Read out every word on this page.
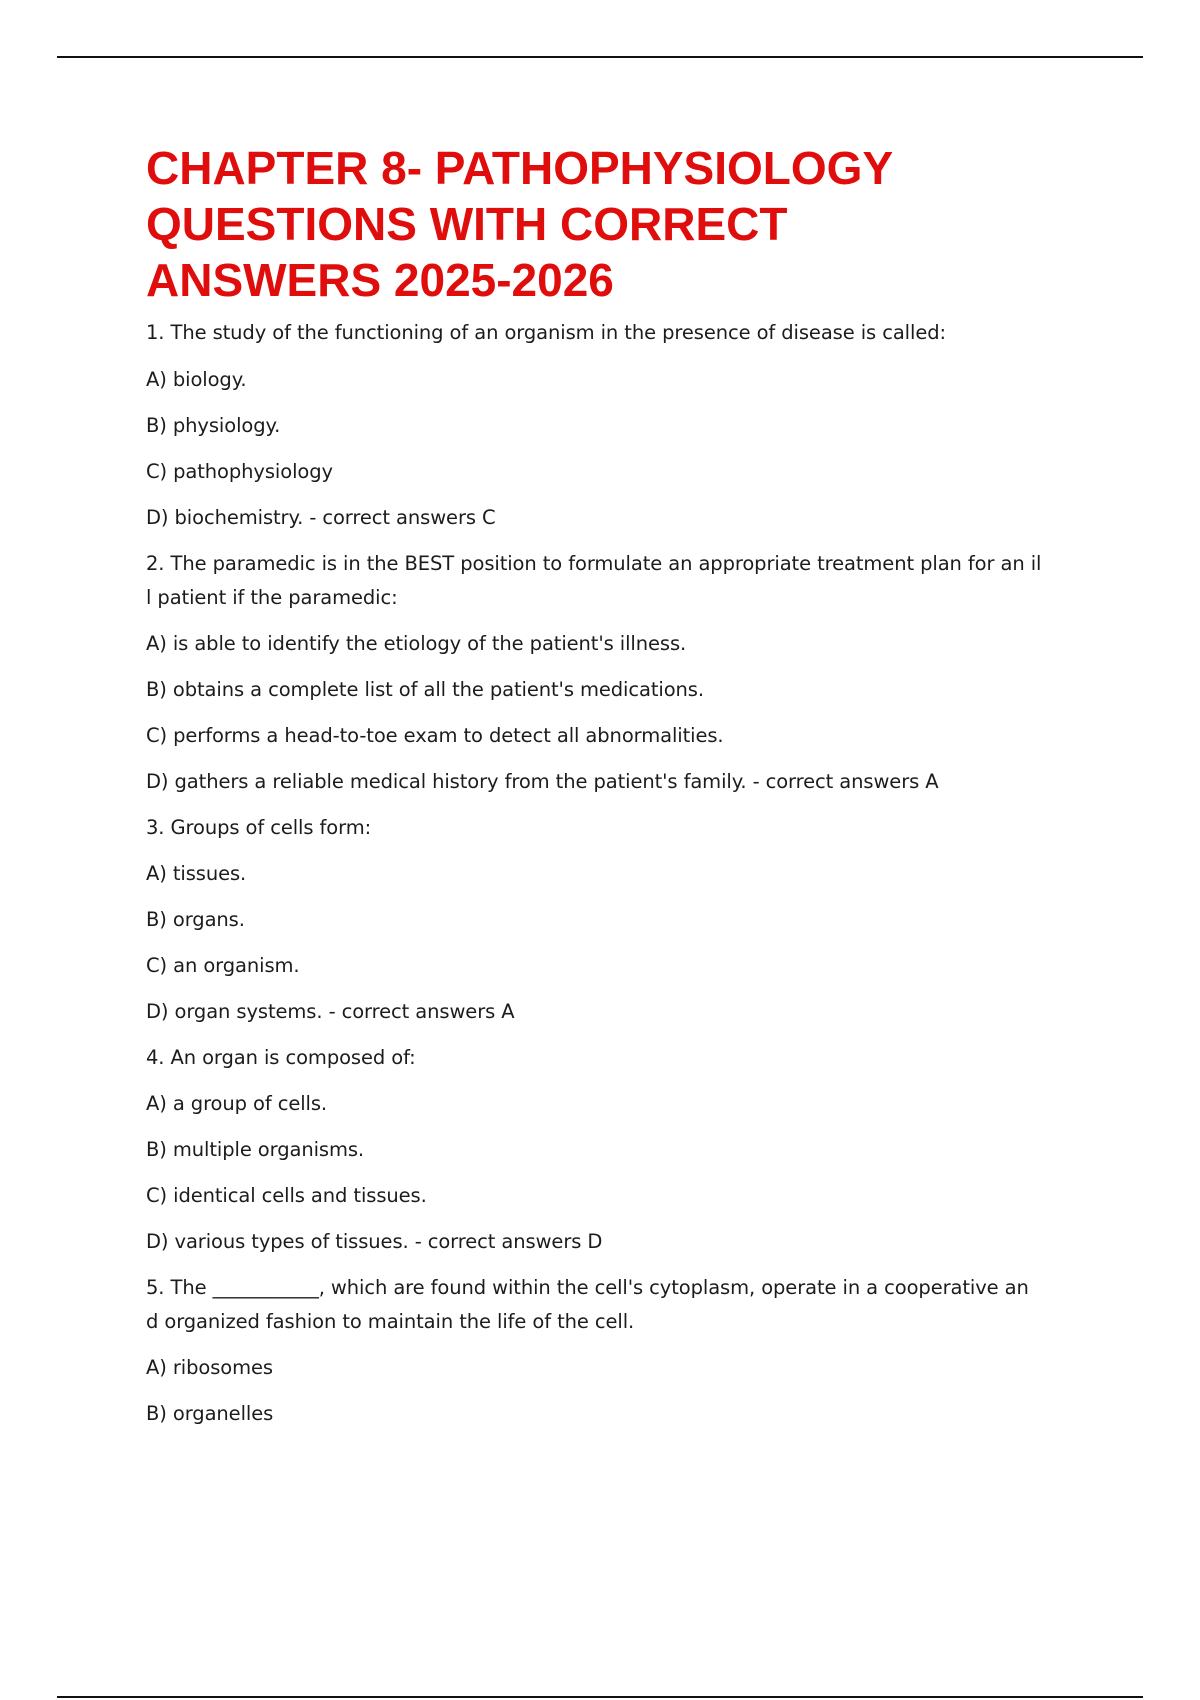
CHAPTER 8- PATHOPHYSIOLOGY
QUESTIONS WITH CORRECT
ANSWERS 2025-2026

1. The study of the functioning of an organism in the presence of disease is called:

A) biology.

B) physiology.

C) pathophysiology

D) biochemistry. - correct answers C

2. The paramedic is in the BEST position to formulate an appropriate treatment plan for an il

l patient if the paramedic:

A) is able to identify the etiology of the patient's illness.

B) obtains a complete list of all the patient's medications.

C) performs a head-to-toe exam to detect all abnormalities.

D) gathers a reliable medical history from the patient's family. - correct answers A

3. Groups of cells form:

A) tissues.

B) organs.

C) an organism.

D) organ systems. - correct answers A

4. An organ is composed of:

A) a group of cells.

B) multiple organisms.

C) identical cells and tissues.

D) various types of tissues. - correct answers D

5. The ___________, which are found within the cell's cytoplasm, operate in a cooperative an

d organized fashion to maintain the life of the cell.

A) ribosomes

B) organelles
